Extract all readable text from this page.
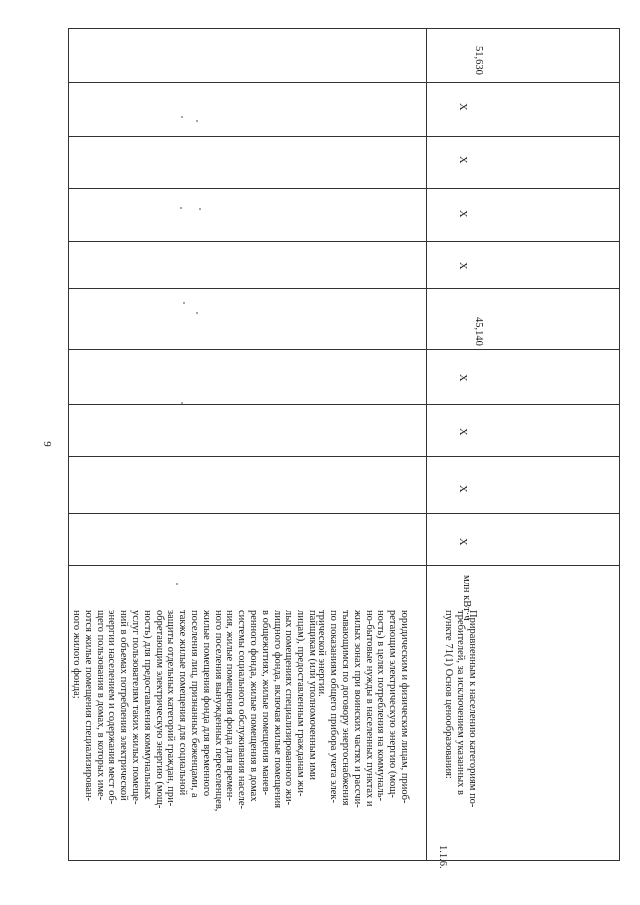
9

пайщикам (или уполномоченным ими

лицам), предоставленным гражданам жи-

лых помещениях специализированного жи-

лищного фонда, включая жилые помещения

в общежитиях, жилые помещения манев-

ренного фонда, жилые помещения в домах

системы социального обслуживания населе-

ния, жилые помещения фонда для времен-

ного поселения вынужденных переселенцев,

жилые помещения фонда для временного

поселения лиц, признанных беженцами, а

также жилые помещения для социальной

защиты отдельных категорий граждан, при-

обретающим электрическую энергию (мощ-

ность) для предоставления коммунальных

услуг пользователям таких жилых помеще-

ний в объемах потребления электрической

энергии населением и содержания мест об-

щего пользования в домах, в которых име-

ются жилые помещения специализирован-

ного жилого фонда;	юридическим и физическим лицам, приоб-

ретающим электрическую энергию (мощ-

ность) в целях потребления на коммуналь-

но-бытовые нужды в населенных пунктах и

жилых зонах при воинских частях и рассчи-

тывающимся по договору энергоснабжения

по показаниям общего прибора учета элек-

трической энергии.

1.1.6.

Приравненным к населению категориям по-

требителей, за исключением указанных в

пункте 71(1) Основ ценообразования:

млн кВт·ч
X
X
X
X
45,140
X
X
X
X
51,630
